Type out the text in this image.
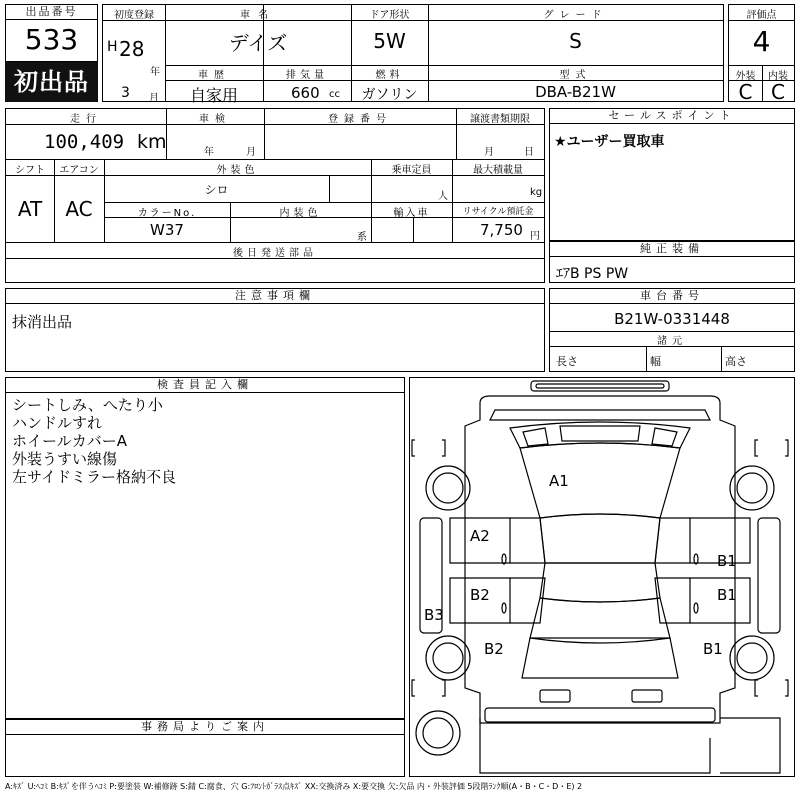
出品番号
533
初出品
初度登録
H 28
年
3 月
車名
デイズ
車歴
自家用
排気量
660 cc
ドア形状
5W
燃料
ガソリン
グレード
S
型式
DBA-B21W
評価点
4
外装	内装
C C
走行
100,409 km
車検
年	月
登録番号	譲渡書類期限
月	日
シフト
AT
エアコン
AC
外装色
シロ
乗車定員
人
最大積載量
kg
カラーNo.
W37
内装色
系
輸入車	リサイクル預託金
7,750 円
後日発送部品
セールスポイント
★ユーザー買取車
純正装備
ｴｱB PS PW
注意事項欄
抹消出品
車台番号
B21W-0331448
諸元
長さ	幅	高さ
検査員記入欄
シートしみ、へたり小
ハンドルすれ
ホイールカバーA
外装うすい線傷
左サイドミラー格納不良
事務局よりご案内
A1
A2
B1
B2	B1
B3
B2	B1
A:ｷｽﾞ U:ﾍｺﾐ B:ｷｽﾞを伴うﾍｺﾐ P:要塗装 W:補修跡 S:錆 C:腐食、穴 G:ﾌﾛﾝﾄｶﾞﾗｽ点ｷｽﾞ XX:交換済み X:要交換 欠:欠品 内・外装評価 5段階ﾗﾝｸ順(A・B・C・D・E) 2
